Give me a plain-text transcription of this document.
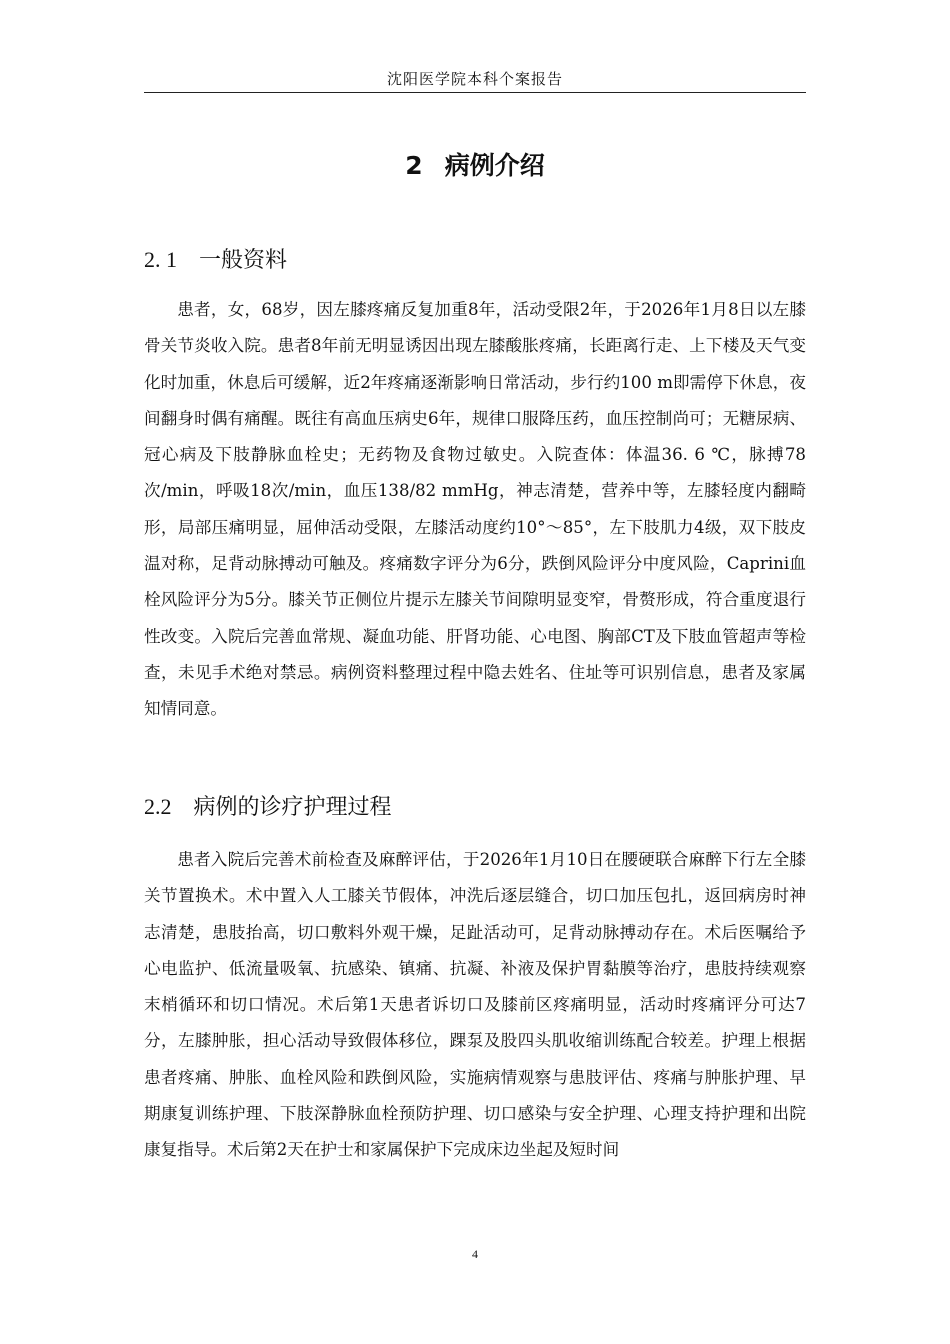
沈阳医学院本科个案报告
2 病例介绍
2. 1 一般资料

患者，女，68岁，因左膝疼痛反复加重8年，活动受限2年，于2026年1月8日以左膝骨关节炎收入院。患者8年前无明显诱因出现左膝酸胀疼痛，长距离行走、上下楼及天气变化时加重，休息后可缓解，近2年疼痛逐渐影响日常活动，步行约100 m即需停下休息，夜间翻身时偶有痛醒。既往有高血压病史6年，规律口服降压药，血压控制尚可；无糖尿病、冠心病及下肢静脉血栓史；无药物及食物过敏史。入院查体：体温36. 6 ℃，脉搏78次/min，呼吸18次/min，血压138/82 mmHg，神志清楚，营养中等，左膝轻度内翻畸形，局部压痛明显，屈伸活动受限，左膝活动度约10°～85°，左下肢肌力4级，双下肢皮温对称，足背动脉搏动可触及。疼痛数字评分为6分，跌倒风险评分中度风险，Caprini血栓风险评分为5分。膝关节正侧位片提示左膝关节间隙明显变窄，骨赘形成，符合重度退行性改变。入院后完善血常规、凝血功能、肝肾功能、心电图、胸部CT及下肢血管超声等检查，未见手术绝对禁忌。病例资料整理过程中隐去姓名、住址等可识别信息，患者及家属知情同意。

2.2 病例的诊疗护理过程

患者入院后完善术前检查及麻醉评估，于2026年1月10日在腰硬联合麻醉下行左全膝关节置换术。术中置入人工膝关节假体，冲洗后逐层缝合，切口加压包扎，返回病房时神志清楚，患肢抬高，切口敷料外观干燥，足趾活动可，足背动脉搏动存在。术后医嘱给予心电监护、低流量吸氧、抗感染、镇痛、抗凝、补液及保护胃黏膜等治疗，患肢持续观察末梢循环和切口情况。术后第1天患者诉切口及膝前区疼痛明显，活动时疼痛评分可达7分，左膝肿胀，担心活动导致假体移位，踝泵及股四头肌收缩训练配合较差。护理上根据患者疼痛、肿胀、血栓风险和跌倒风险，实施病情观察与患肢评估、疼痛与肿胀护理、早期康复训练护理、下肢深静脉血栓预防护理、切口感染与安全护理、心理支持护理和出院康复指导。术后第2天在护士和家属保护下完成床边坐起及短时间

4
